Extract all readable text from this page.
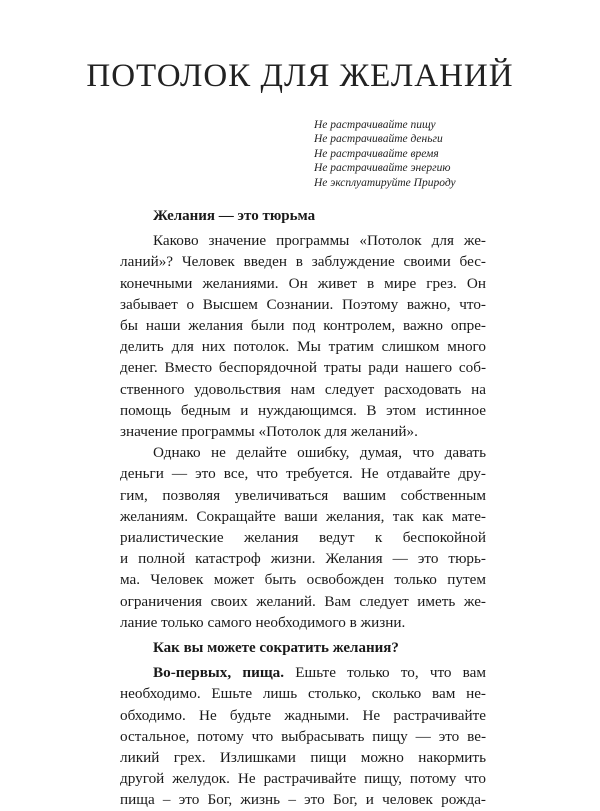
ПОТОЛОК ДЛЯ ЖЕЛАНИЙ
Не растрачивайте пищу
Не растрачивайте деньги
Не растрачивайте время
Не растрачивайте энергию
Не эксплуатируйте Природу
Желания — это тюрьма

Каково значение программы «Потолок для же-
ланий»? Человек введен в заблуждение своими бес-
конечными желаниями. Он живет в мире грез. Он
забывает о Высшем Сознании. Поэтому важно, что-
бы наши желания были под контролем, важно опре-
делить для них потолок. Мы тратим слишком много
денег. Вместо беспорядочной траты ради нашего соб-
ственного удовольствия нам следует расходовать на
помощь бедным и нуждающимся. В этом истинное
значение программы «Потолок для желаний».

Однако не делайте ошибку, думая, что давать
деньги — это все, что требуется. Не отдавайте дру-
гим, позволяя увеличиваться вашим собственным
желаниям. Сокращайте ваши желания, так как мате-
риалистические желания ведут к беспокойной
и полной катастроф жизни. Желания — это тюрь-
ма. Человек может быть освобожден только путем
ограничения своих желаний. Вам следует иметь же-
лание только самого необходимого в жизни.

Как вы можете сократить желания?

Во-первых, пища. Ешьте только то, что вам
необходимо. Ешьте лишь столько, сколько вам не-
обходимо. Не будьте жадными. Не растрачивайте
остальное, потому что выбрасывать пищу — это ве-
ликий грех. Излишками пищи можно накормить
другой желудок. Не растрачивайте пищу, потому что
пища – это Бог, жизнь – это Бог, и человек рожда-
